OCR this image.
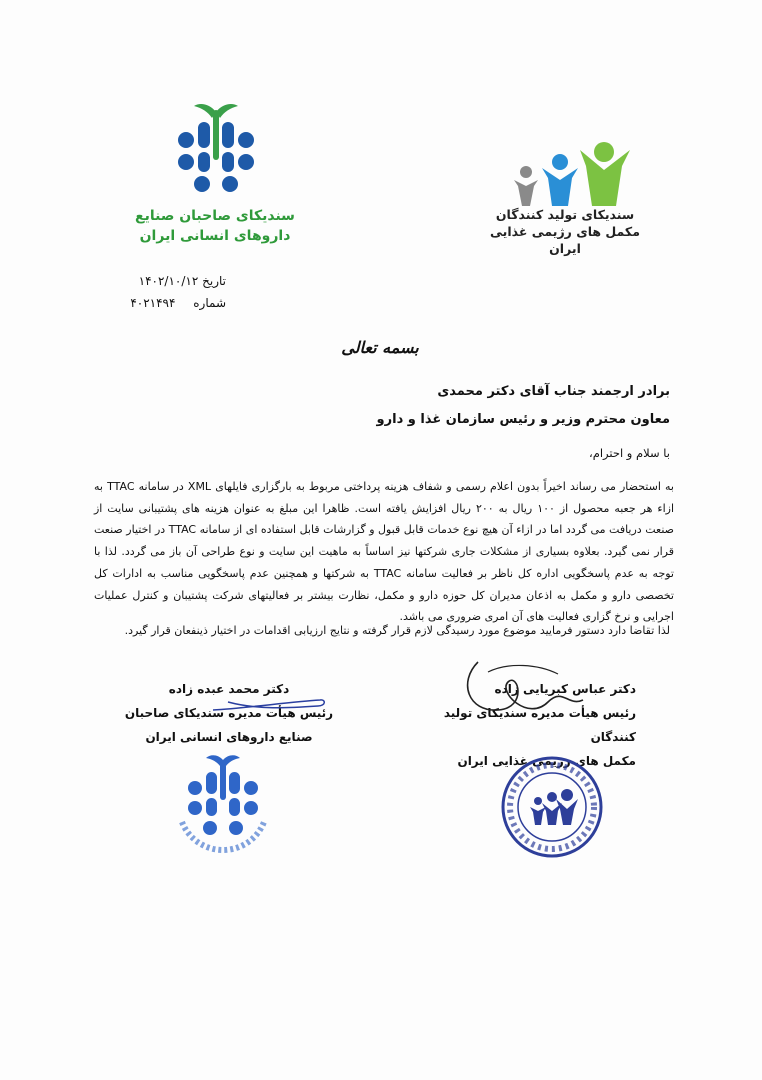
سندیکای صاحبان صنایع
داروهای انسانی ایران
سندیکای تولید کنندگان
مکمل های رژیمی غذایی
ایران
تاریخ ۱۴۰۲/۱۰/۱۲
شماره ۴۰۲۱۴۹۴
بسمه تعالی
برادر ارجمند جناب آقای دکتر محمدی
معاون محترم وزیر و رئیس سازمان غذا و دارو
با سلام و احترام،
به استحضار می رساند اخیراً بدون اعلام رسمی و شفاف هزینه پرداختی مربوط به بارگزاری فایلهای XML در سامانه TTAC به ازاء هر جعبه محصول از ۱۰۰ ریال به ۲۰۰ ریال افزایش یافته است. ظاهرا این مبلغ به عنوان هزینه های پشتیبانی سایت از صنعت دریافت می گردد اما در ازاء آن هیچ نوع خدمات قابل قبول و گزارشات قابل استفاده ای از سامانه TTAC در اختیار صنعت قرار نمی گیرد. بعلاوه بسیاری از مشکلات جاری شرکتها نیز اساساً به ماهیت این سایت و نوع طراحی آن باز می گردد. لذا با توجه به عدم پاسخگویی اداره کل ناظر بر فعالیت سامانه TTAC به شرکتها و همچنین عدم پاسخگویی مناسب به ادارات کل تخصصی دارو و مکمل به اذعان مدیران کل حوزه دارو و مکمل، نظارت بیشتر بر فعالیتهای شرکت پشتیبان و کنترل عملیات اجرایی و نرخ گزاری فعالیت های آن امری ضروری می باشد.
لذا تقاضا دارد دستور فرمایید موضوع مورد رسیدگی لازم قرار گرفته و نتایج ارزیابی اقدامات در اختیار ذینفعان قرار گیرد.
دکتر عباس کبریایی زاده
رئیس هیأت مدیره سندیکای تولید کنندگان
مکمل های رژیمی غذایی ایران
دکتر محمد عبده زاده
رئیس هیأت مدیره سندیکای صاحبان
صنایع داروهای انسانی ایران
